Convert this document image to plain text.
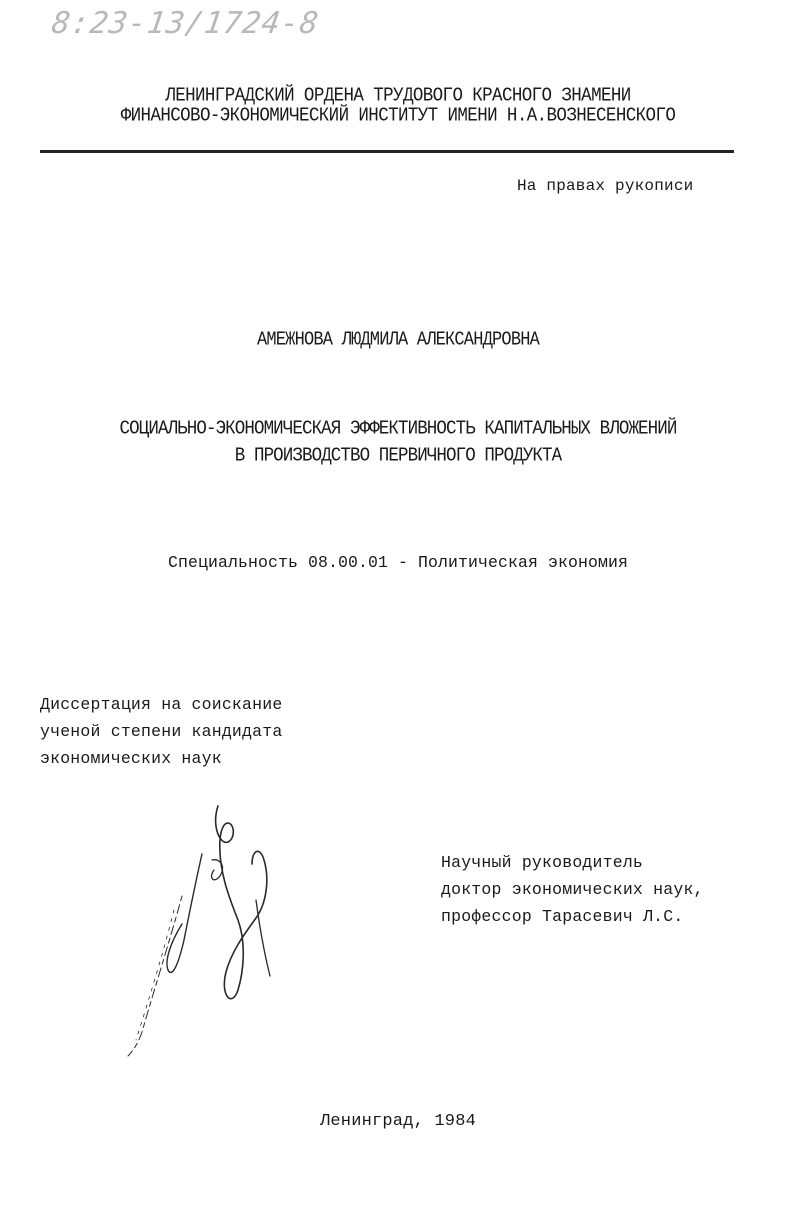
8:23-13/1724-8
ЛЕНИНГРАДСКИЙ ОРДЕНА ТРУДОВОГО КРАСНОГО ЗНАМЕНИ
ФИНАНСОВО-ЭКОНОМИЧЕСКИЙ ИНСТИТУТ ИМЕНИ Н.А.ВОЗНЕСЕНСКОГО
На правах рукописи
АМЕЖНОВА ЛЮДМИЛА АЛЕКСАНДРОВНА
СОЦИАЛЬНО-ЭКОНОМИЧЕСКАЯ ЭФФЕКТИВНОСТЬ КАПИТАЛЬНЫХ ВЛОЖЕНИЙ
В ПРОИЗВОДСТВО ПЕРВИЧНОГО ПРОДУКТА
Специальность 08.00.01 - Политическая экономия
Диссертация на соискание
ученой степени кандидата
экономических наук
Научный руководитель
доктор экономических наук,
профессор Тарасевич Л.С.
Ленинград, 1984
